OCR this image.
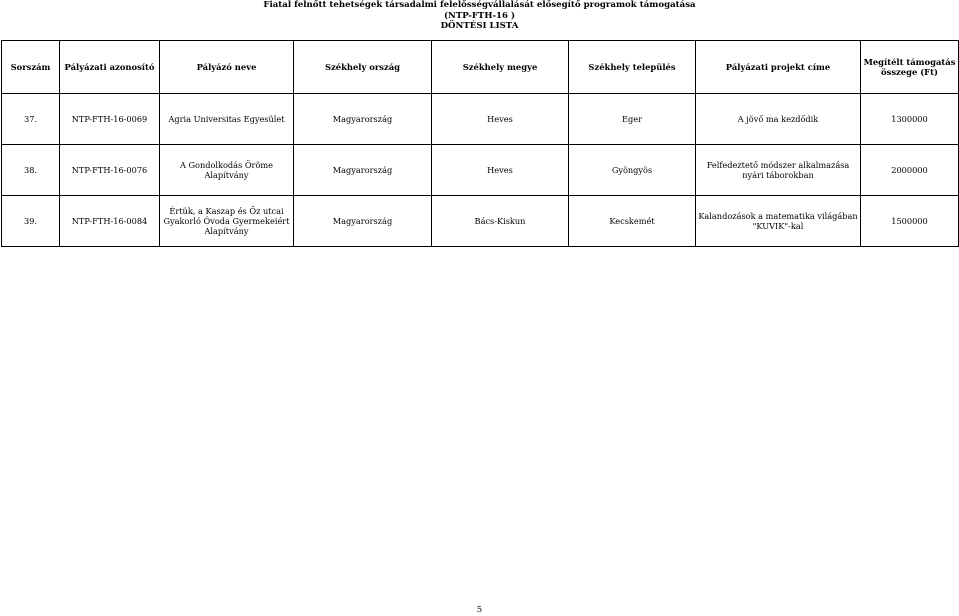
Fiatal felnőtt tehetségek társadalmi felelősségvállalását elősegítő programok támogatása
(NTP-FTH-16 )
DÖNTÉSI LISTA
Sorszám	Pályázati azonosító	Pályázó neve	Székhely ország	Székhely megye	Székhely település	Pályázati projekt címe	Megítélt támogatás összege (Ft)
37.	NTP-FTH-16-0069	Agria Universitas Egyesület	Magyarország	Heves	Eger	A jövő ma kezdődik	1300000
38.	NTP-FTH-16-0076	A Gondolkodás Öröme Alapítvány	Magyarország	Heves	Gyöngyös	Felfedeztető módszer alkalmazása nyári táborokban	2000000
39.	NTP-FTH-16-0084	Értük, a Kaszap és Őz utcai Gyakorló Óvoda Gyermekeiért Alapítvány	Magyarország	Bács-Kiskun	Kecskemét	Kalandozások a matematika világában "KUVIK"-kal	1500000
5
